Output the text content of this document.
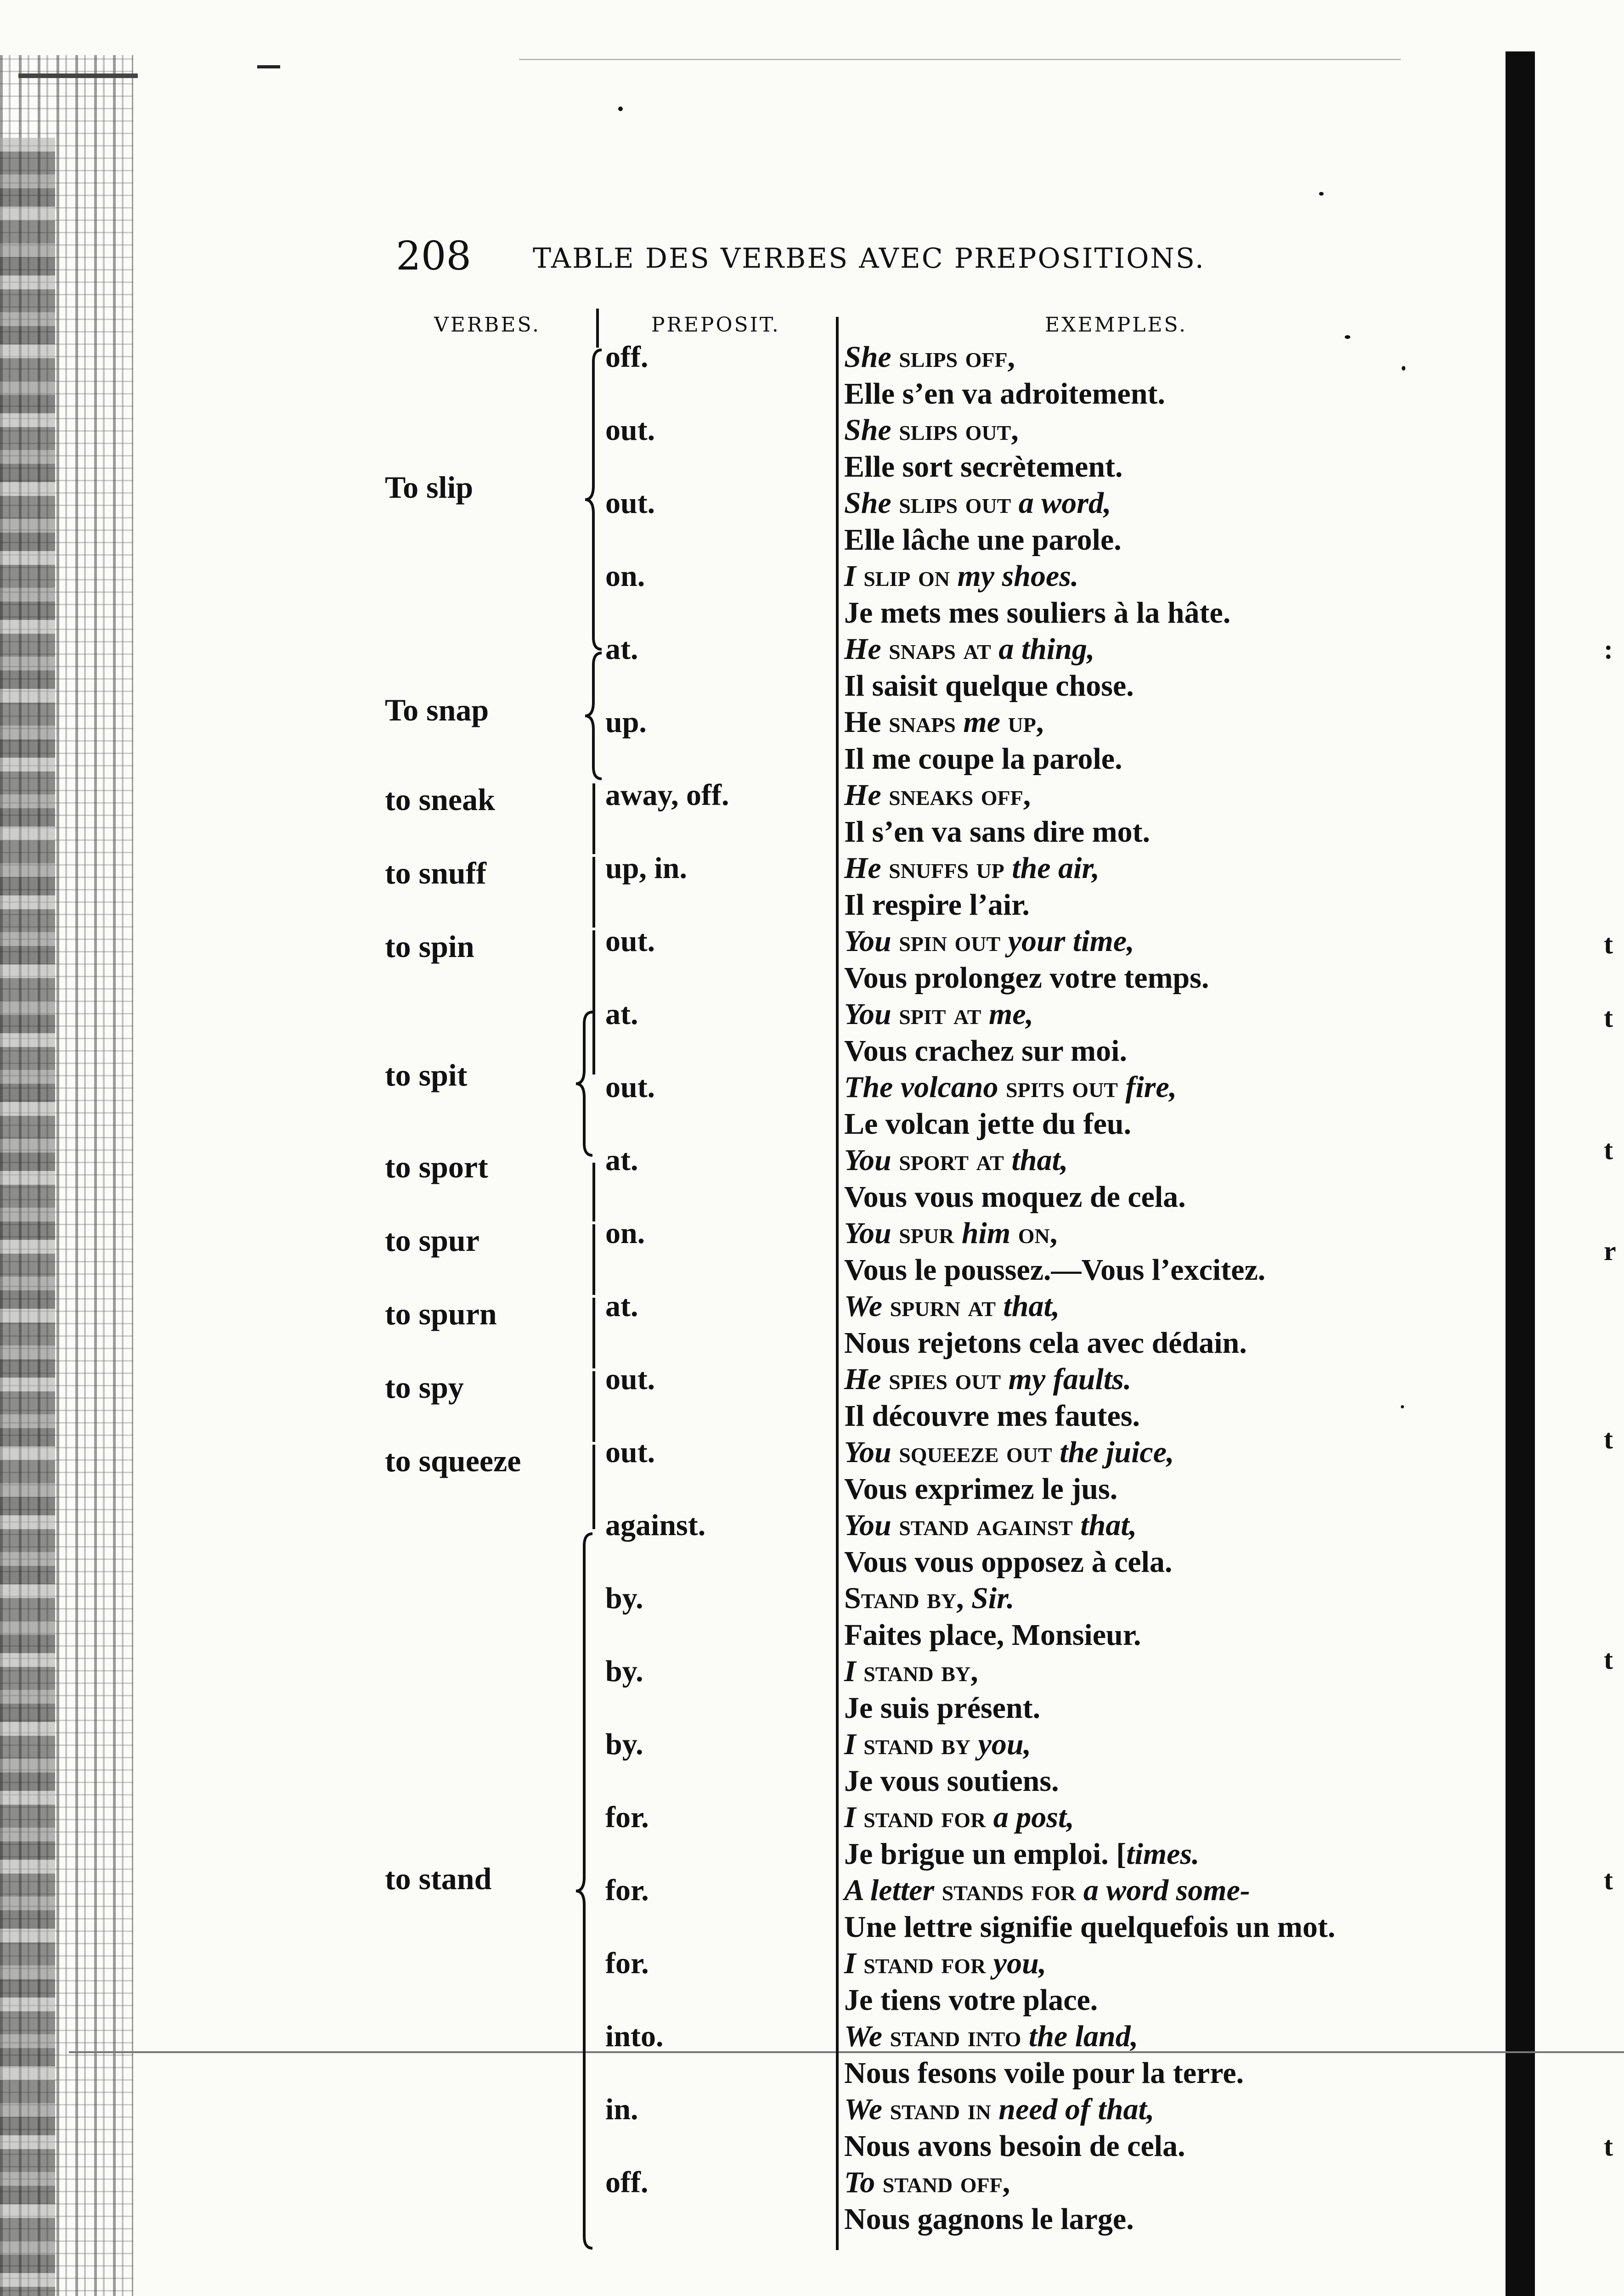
208 TABLE DES VERBES AVEC PREPOSITIONS.
VERBES.	PREPOSIT.	EXEMPLES.
To slip
To snap
to sneak
to snuff
to spin
to spit
to sport
to spur
to spurn
to spy
to squeeze
to stand
off.
out.
out.
on.
at.
up.
away, off.
up, in.
out.
at.
out.
at.
on.
at.
out.
out.
against.
by.
by.
by.
for.
for.
for.
into.
in.
off.
She slips off,
Elle s’en va adroitement.
She slips out,
Elle sort secrètement.
She slips out a word,
Elle lâche une parole.
I slip on my shoes.
Je mets mes souliers à la hâte.
He snaps at a thing,
Il saisit quelque chose.
He snaps me up,
Il me coupe la parole.
He sneaks off,
Il s’en va sans dire mot.
He snuffs up the air,
Il respire l’air.
You spin out your time,
Vous prolongez votre temps.
You spit at me,
Vous crachez sur moi.
The volcano spits out fire,
Le volcan jette du feu.
You sport at that,
Vous vous moquez de cela.
You spur him on,
Vous le poussez.—Vous l’excitez.
We spurn at that,
Nous rejetons cela avec dédain.
He spies out my faults.
Il découvre mes fautes.
You squeeze out the juice,
Vous exprimez le jus.
You stand against that,
Vous vous opposez à cela.
Stand by, Sir.
Faites place, Monsieur.
I stand by,
Je suis présent.
I stand by you,
Je vous soutiens.
I stand for a post,
Je brigue un emploi. [times.
A letter stands for a word some-
Une lettre signifie quelquefois un mot.
I stand for you,
Je tiens votre place.
We stand into the land,
Nous fesons voile pour la terre.
We stand in need of that,
Nous avons besoin de cela.
To stand off,
Nous gagnons le large.
t
t
t
r
t
t
t
t
:
